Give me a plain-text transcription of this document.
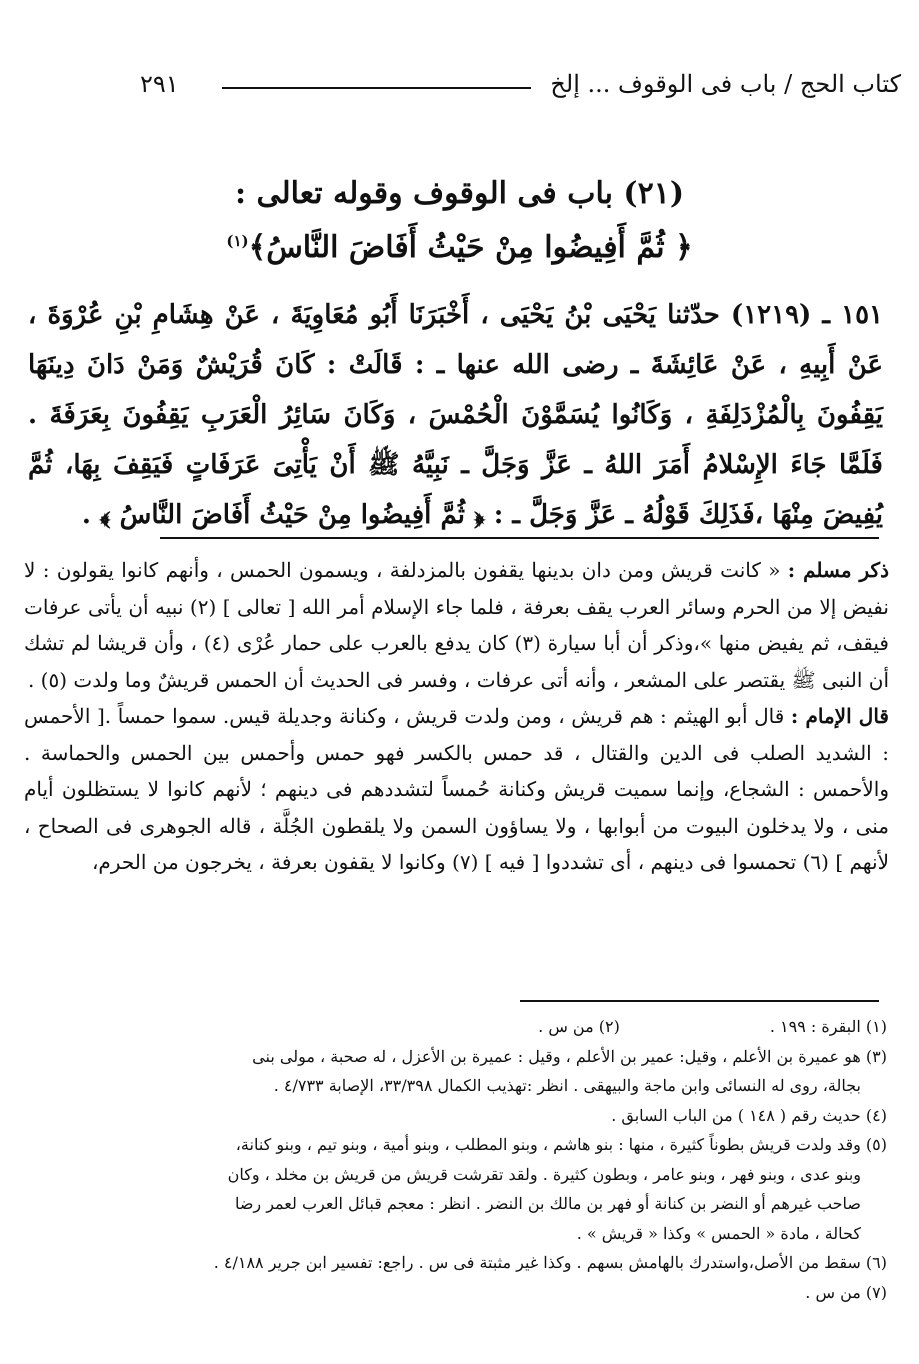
كتاب الحج / باب فى الوقوف ... إلخ
٢٩١
(٢١) باب فى الوقوف وقوله تعالى :
﴿ ثُمَّ أَفِيضُوا مِنْ حَيْثُ أَفَاضَ النَّاسُ﴾$^{(١)}$
١٥١ ـ (١٢١٩) حدّثنا يَحْيَى بْنُ يَحْيَى ، أَخْبَرَنَا أَبُو مُعَاوِيَةَ ، عَنْ هِشَامِ بْنِ عُرْوَةَ ، عَنْ أَبِيهِ ، عَنْ عَائِشَةَ ـ رضى الله عنها ـ : قَالَتْ : كَانَ قُرَيْشٌ وَمَنْ دَانَ دِينَهَا يَقِفُونَ بِالْمُزْدَلِفَةِ ، وَكَانُوا يُسَمَّوْنَ الْحُمْسَ ، وَكَانَ سَائِرُ الْعَرَبِ يَقِفُونَ بِعَرَفَةَ . فَلَمَّا جَاءَ الإِسْلامُ أَمَرَ اللهُ ـ عَزَّ وَجَلَّ ـ نَبِيَّهُ ﷺ أَنْ يَأْتِىَ عَرَفَاتٍ فَيَقِفَ بِهَا، ثُمَّ يُفِيضَ مِنْهَا ،فَذَلِكَ قَوْلُهُ ـ عَزَّ وَجَلَّ ـ : ﴿ ثُمَّ أَفِيضُوا مِنْ حَيْثُ أَفَاضَ النَّاسُ ﴾ .
ذكر مسلم : « كانت قريش ومن دان بدينها يقفون بالمزدلفة ، ويسمون الحمس ، وأنهم كانوا يقولون : لا نفيض إلا من الحرم وسائر العرب يقف بعرفة ، فلما جاء الإسلام أمر الله [ تعالى ] (٢) نبيه أن يأتى عرفات فيقف، ثم يفيض منها »،وذكر أن أبا سيارة (٣) كان يدفع بالعرب على حمار عُرْى (٤) ، وأن قريشا لم تشك أن النبى ﷺ يقتصر على المشعر ، وأنه أتى عرفات ، وفسر فى الحديث أن الحمس قريشٌ وما ولدت (٥) .
قال الإمام : قال أبو الهيثم : هم قريش ، ومن ولدت قريش ، وكنانة وجديلة قيس. سموا حمساً .[ الأحمس : الشديد الصلب فى الدين والقتال ، قد حمس بالكسر فهو حمس وأحمس بين الحمس والحماسة . والأحمس : الشجاع، وإنما سميت قريش وكنانة حُمساً لتشددهم فى دينهم ؛ لأنهم كانوا لا يستظلون أيام منى ، ولا يدخلون البيوت من أبوابها ، ولا يساؤون السمن ولا يلقطون الجُلَّة ، قاله الجوهرى فى الصحاح ، لأنهم ] (٦) تحمسوا فى دينهم ، أى تشددوا [ فيه ] (٧) وكانوا لا يقفون بعرفة ، يخرجون من الحرم،
(١) البقرة : ١٩٩ .(٢) من س .
(٣) هو عميرة بن الأعلم ، وقيل: عمير بن الأعلم ، وقيل : عميرة بن الأعزل ، له صحبة ، مولى بنى
بجالة، روى له النسائى وابن ماجة والبيهقى . انظر :تهذيب الكمال ٣٣/٣٩٨، الإصابة ٤/٧٣٣ .
(٤) حديث رقم ( ١٤٨ ) من الباب السابق .
(٥) وقد ولدت قريش بطوناً كثيرة ، منها : بنو هاشم ، وبنو المطلب ، وبنو أمية ، وبنو تيم ، وبنو كنانة،
وبنو عدى ، وبنو فهر ، وبنو عامر ، وبطون كثيرة . ولقد تقرشت قريش من قريش بن مخلد ، وكان
صاحب غيرهم أو النضر بن كنانة أو فهر بن مالك بن النضر . انظر : معجم قبائل العرب لعمر رضا
كحالة ، مادة « الحمس » وكذا « قريش » .
(٦) سقط من الأصل،واستدرك بالهامش بسهم . وكذا غير مثبتة فى س . راجع: تفسير ابن جرير ٤/١٨٨ .
(٧) من س .
